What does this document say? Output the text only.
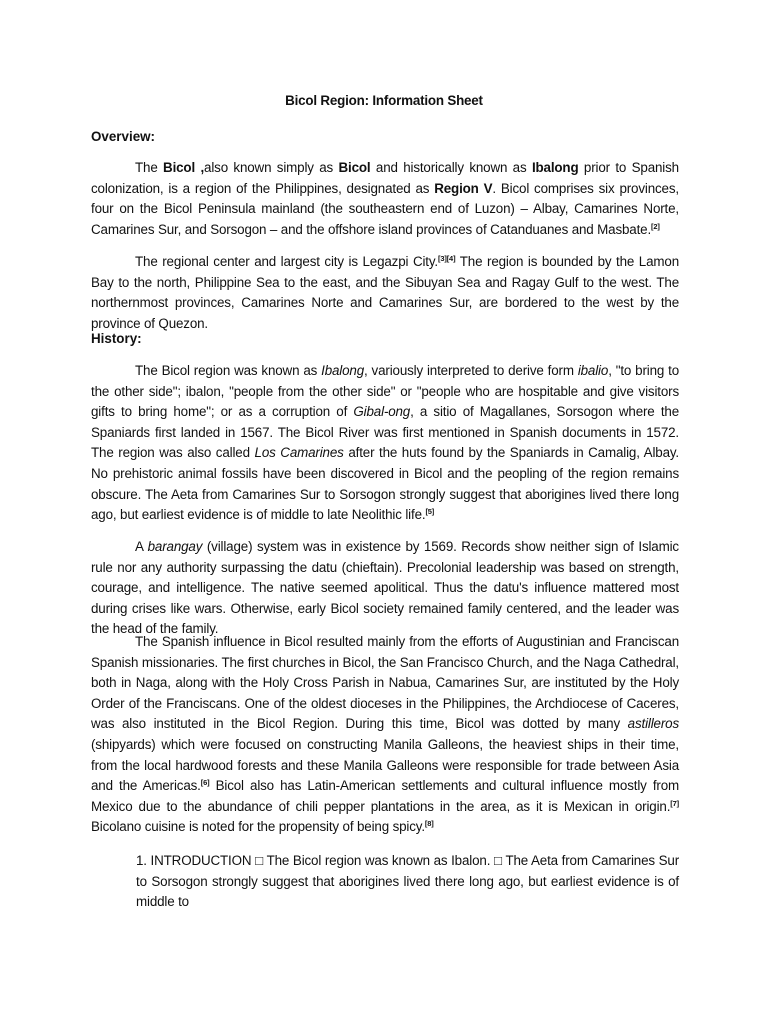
Bicol Region: Information Sheet
Overview:

The Bicol ,also known simply as Bicol and historically known as Ibalong prior to Spanish colonization, is a region of the Philippines, designated as Region V. Bicol comprises six provinces, four on the Bicol Peninsula mainland (the southeastern end of Luzon) – Albay, Camarines Norte, Camarines Sur, and Sorsogon – and the offshore island provinces of Catanduanes and Masbate.[2]

The regional center and largest city is Legazpi City.[3][4] The region is bounded by the Lamon Bay to the north, Philippine Sea to the east, and the Sibuyan Sea and Ragay Gulf to the west. The northernmost provinces, Camarines Norte and Camarines Sur, are bordered to the west by the province of Quezon.

History:

The Bicol region was known as Ibalong, variously interpreted to derive form ibalio, "to bring to the other side"; ibalon, "people from the other side" or "people who are hospitable and give visitors gifts to bring home"; or as a corruption of Gibal-ong, a sitio of Magallanes, Sorsogon where the Spaniards first landed in 1567. The Bicol River was first mentioned in Spanish documents in 1572. The region was also called Los Camarines after the huts found by the Spaniards in Camalig, Albay. No prehistoric animal fossils have been discovered in Bicol and the peopling of the region remains obscure. The Aeta from Camarines Sur to Sorsogon strongly suggest that aborigines lived there long ago, but earliest evidence is of middle to late Neolithic life.[5]

A barangay (village) system was in existence by 1569. Records show neither sign of Islamic rule nor any authority surpassing the datu (chieftain). Precolonial leadership was based on strength, courage, and intelligence. The native seemed apolitical. Thus the datu's influence mattered most during crises like wars. Otherwise, early Bicol society remained family centered, and the leader was the head of the family.

The Spanish influence in Bicol resulted mainly from the efforts of Augustinian and Franciscan Spanish missionaries. The first churches in Bicol, the San Francisco Church, and the Naga Cathedral, both in Naga, along with the Holy Cross Parish in Nabua, Camarines Sur, are instituted by the Holy Order of the Franciscans. One of the oldest dioceses in the Philippines, the Archdiocese of Caceres, was also instituted in the Bicol Region. During this time, Bicol was dotted by many astilleros (shipyards) which were focused on constructing Manila Galleons, the heaviest ships in their time, from the local hardwood forests and these Manila Galleons were responsible for trade between Asia and the Americas.[6] Bicol also has Latin-American settlements and cultural influence mostly from Mexico due to the abundance of chili pepper plantations in the area, as it is Mexican in origin.[7] Bicolano cuisine is noted for the propensity of being spicy.[8]

1. INTRODUCTION □ The Bicol region was known as Ibalon. □ The Aeta from Camarines Sur to Sorsogon strongly suggest that aborigines lived there long ago, but earliest evidence is of middle to
